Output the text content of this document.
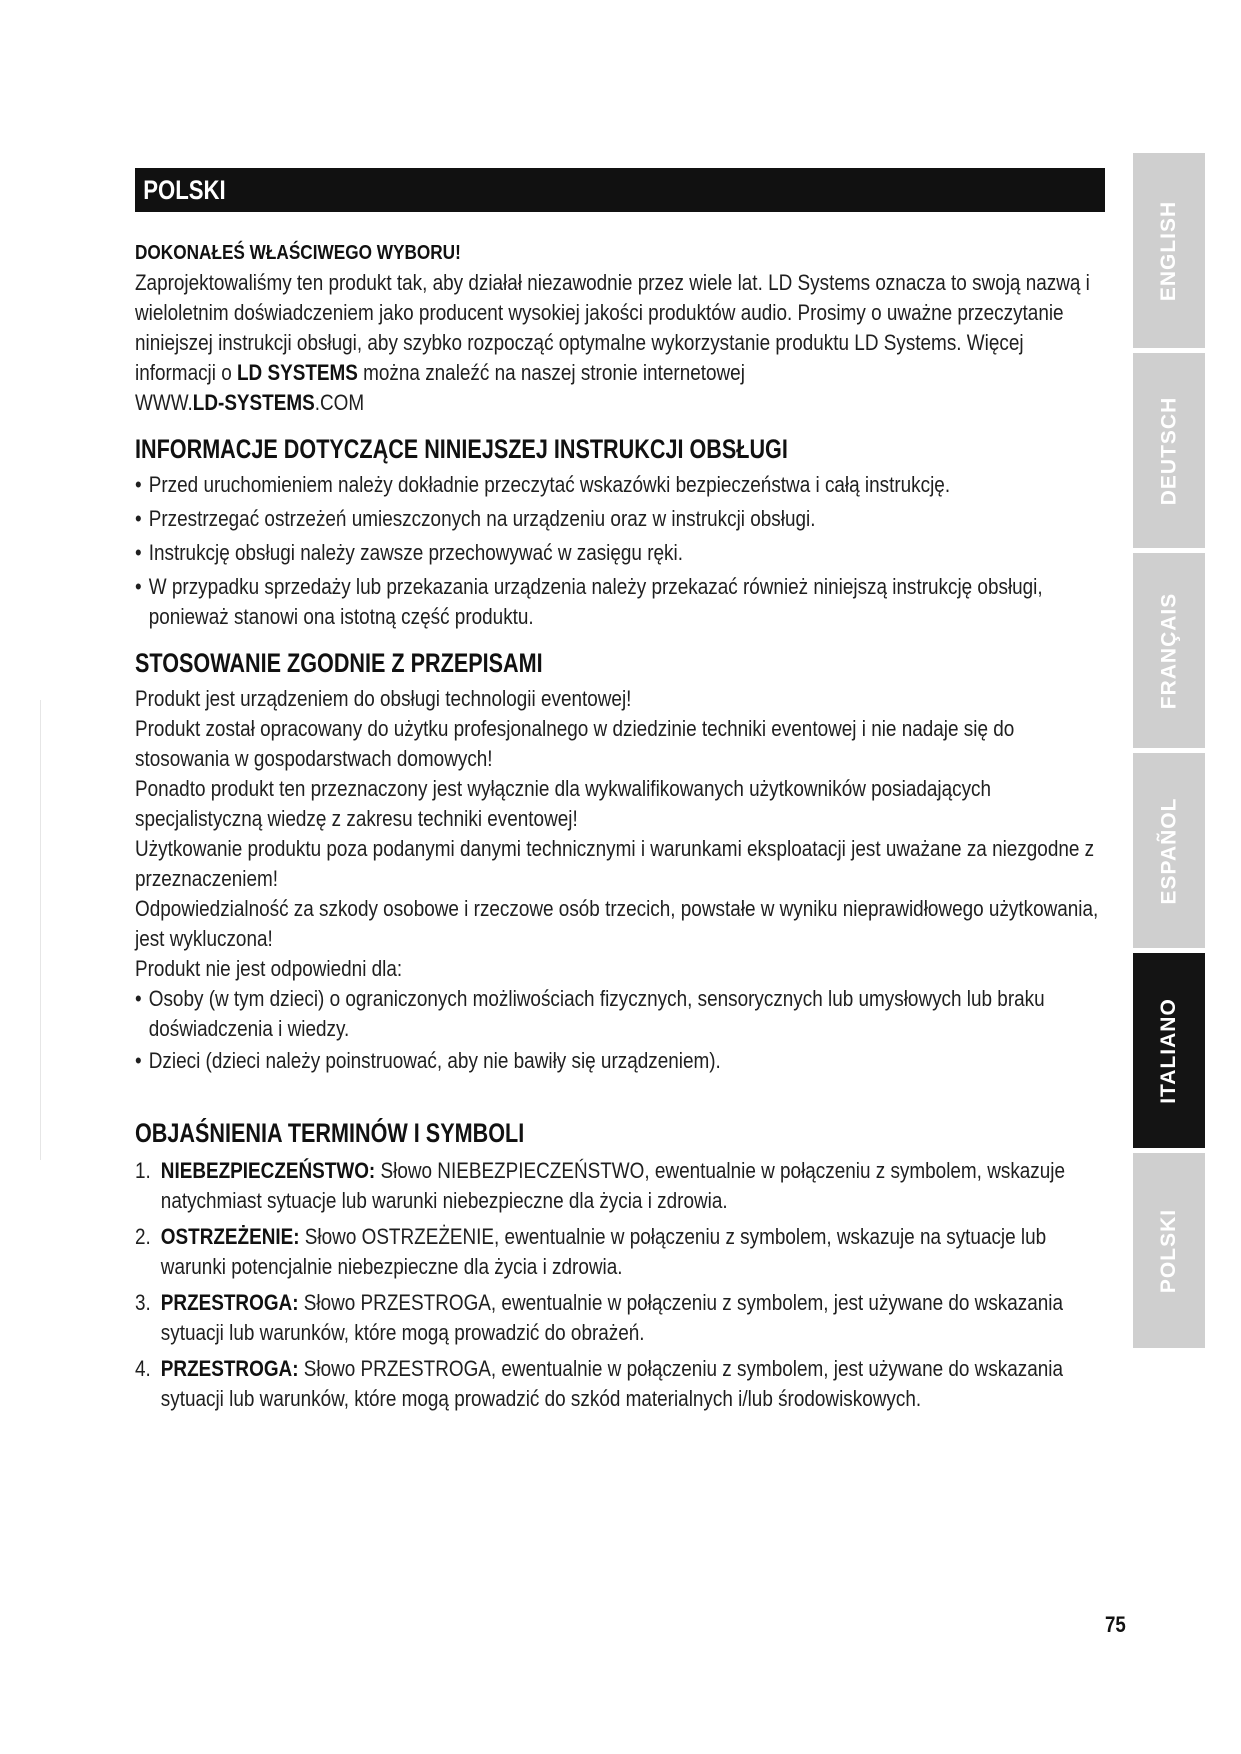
POLSKI
DOKONAŁEŚ WŁAŚCIWEGO WYBORU!

Zaprojektowaliśmy ten produkt tak, aby działał niezawodnie przez wiele lat. LD Systems oznacza to swoją nazwą i wieloletnim doświadczeniem jako producent wysokiej jakości produktów audio. Prosimy o uważne przeczytanie niniejszej instrukcji obsługi, aby szybko rozpocząć optymalne wykorzystanie produktu LD Systems. Więcej informacji o LD SYSTEMS można znaleźć na naszej stronie internetowej
WWW.LD-SYSTEMS.COM

INFORMACJE DOTYCZĄCE NINIEJSZEJ INSTRUKCJI OBSŁUGI
• Przed uruchomieniem należy dokładnie przeczytać wskazówki bezpieczeństwa i całą instrukcję.
• Przestrzegać ostrzeżeń umieszczonych na urządzeniu oraz w instrukcji obsługi.
• Instrukcję obsługi należy zawsze przechowywać w zasięgu ręki.
• W przypadku sprzedaży lub przekazania urządzenia należy przekazać również niniejszą instrukcję obsługi, ponieważ stanowi ona istotną część produktu.
STOSOWANIE ZGODNIE Z PRZEPISAMI

Produkt jest urządzeniem do obsługi technologii eventowej!

Produkt został opracowany do użytku profesjonalnego w dziedzinie techniki eventowej i nie nadaje się do stosowania w gospodarstwach domowych!

Ponadto produkt ten przeznaczony jest wyłącznie dla wykwalifikowanych użytkowników posiadających specjalistyczną wiedzę z zakresu techniki eventowej!

Użytkowanie produktu poza podanymi danymi technicznymi i warunkami eksploatacji jest uważane za niezgodne z przeznaczeniem!

Odpowiedzialność za szkody osobowe i rzeczowe osób trzecich, powstałe w wyniku nieprawidłowego użytkowania, jest wykluczona!

Produkt nie jest odpowiedni dla:

• Osoby (w tym dzieci) o ograniczonych możliwościach fizycznych, sensorycznych lub umysłowych lub braku doświadczenia i wiedzy.
• Dzieci (dzieci należy poinstruować, aby nie bawiły się urządzeniem).
OBJAŚNIENIA TERMINÓW I SYMBOLI
1. NIEBEZPIECZEŃSTWO: Słowo NIEBEZPIECZEŃSTWO, ewentualnie w połączeniu z symbolem, wskazuje natychmiast sytuacje lub warunki niebezpieczne dla życia i zdrowia.
2. OSTRZEŻENIE: Słowo OSTRZEŻENIE, ewentualnie w połączeniu z symbolem, wskazuje na sytuacje lub warunki potencjalnie niebezpieczne dla życia i zdrowia.
3. PRZESTROGA: Słowo PRZESTROGA, ewentualnie w połączeniu z symbolem, jest używane do wskazania sytuacji lub warunków, które mogą prowadzić do obrażeń.
4. PRZESTROGA: Słowo PRZESTROGA, ewentualnie w połączeniu z symbolem, jest używane do wskazania sytuacji lub warunków, które mogą prowadzić do szkód materialnych i/lub środowiskowych.
ENGLISH
DEUTSCH
FRANÇAIS
ESPAÑOL
ITALIANO
POLSKI
75
